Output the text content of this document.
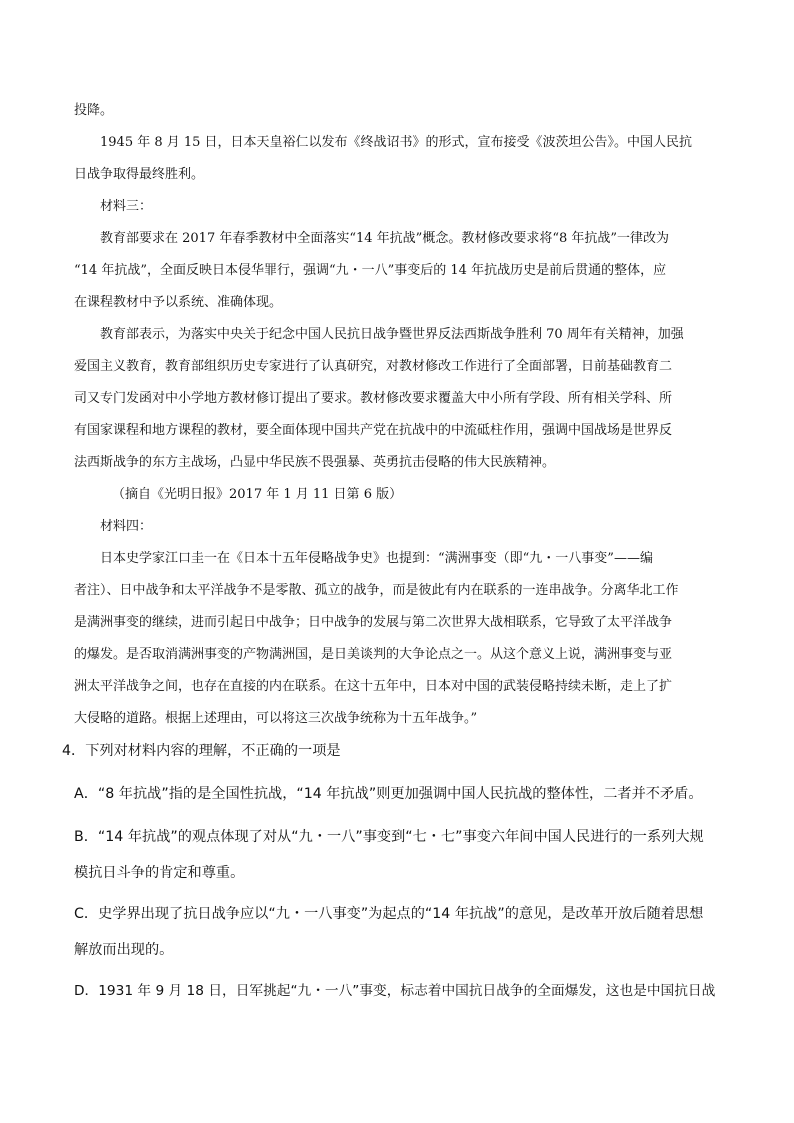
投降。
1945 年 8 月 15 日，日本天皇裕仁以发布《终战诏书》的形式，宣布接受《波茨坦公告》。中国人民抗
日战争取得最终胜利。
材料三：
教育部要求在 2017 年春季教材中全面落实“14 年抗战”概念。教材修改要求将“8 年抗战”一律改为
“14 年抗战”，全面反映日本侵华罪行，强调“九・一八”事变后的 14 年抗战历史是前后贯通的整体，应
在课程教材中予以系统、准确体现。
教育部表示，为落实中央关于纪念中国人民抗日战争暨世界反法西斯战争胜利 70 周年有关精神，加强
爱国主义教育，教育部组织历史专家进行了认真研究，对教材修改工作进行了全面部署，日前基础教育二
司又专门发函对中小学地方教材修订提出了要求。教材修改要求覆盖大中小所有学段、所有相关学科、所
有国家课程和地方课程的教材，要全面体现中国共产党在抗战中的中流砥柱作用，强调中国战场是世界反
法西斯战争的东方主战场，凸显中华民族不畏强暴、英勇抗击侵略的伟大民族精神。
（摘自《光明日报》2017 年 1 月 11 日第 6 版）
材料四：
日本史学家江口圭一在《日本十五年侵略战争史》也提到：“满洲事变（即“九・一八事变”——编
者注）、日中战争和太平洋战争不是零散、孤立的战争，而是彼此有内在联系的一连串战争。分离华北工作
是满洲事变的继续，进而引起日中战争；日中战争的发展与第二次世界大战相联系，它导致了太平洋战争
的爆发。是否取消满洲事变的产物满洲国，是日美谈判的大争论点之一。从这个意义上说，满洲事变与亚
洲太平洋战争之间，也存在直接的内在联系。在这十五年中，日本对中国的武装侵略持续未断，走上了扩
大侵略的道路。根据上述理由，可以将这三次战争统称为十五年战争。”
4．下列对材料内容的理解，不正确的一项是
A．“8 年抗战”指的是全国性抗战，“14 年抗战”则更加强调中国人民抗战的整体性，二者并不矛盾。
B．“14 年抗战”的观点体现了对从“九・一八”事变到“七・七”事变六年间中国人民进行的一系列大规
模抗日斗争的肯定和尊重。
C．史学界出现了抗日战争应以“九・一八事变”为起点的“14 年抗战”的意见，是改革开放后随着思想
解放而出现的。
D．1931 年 9 月 18 日，日军挑起“九・一八”事变，标志着中国抗日战争的全面爆发，这也是中国抗日战
